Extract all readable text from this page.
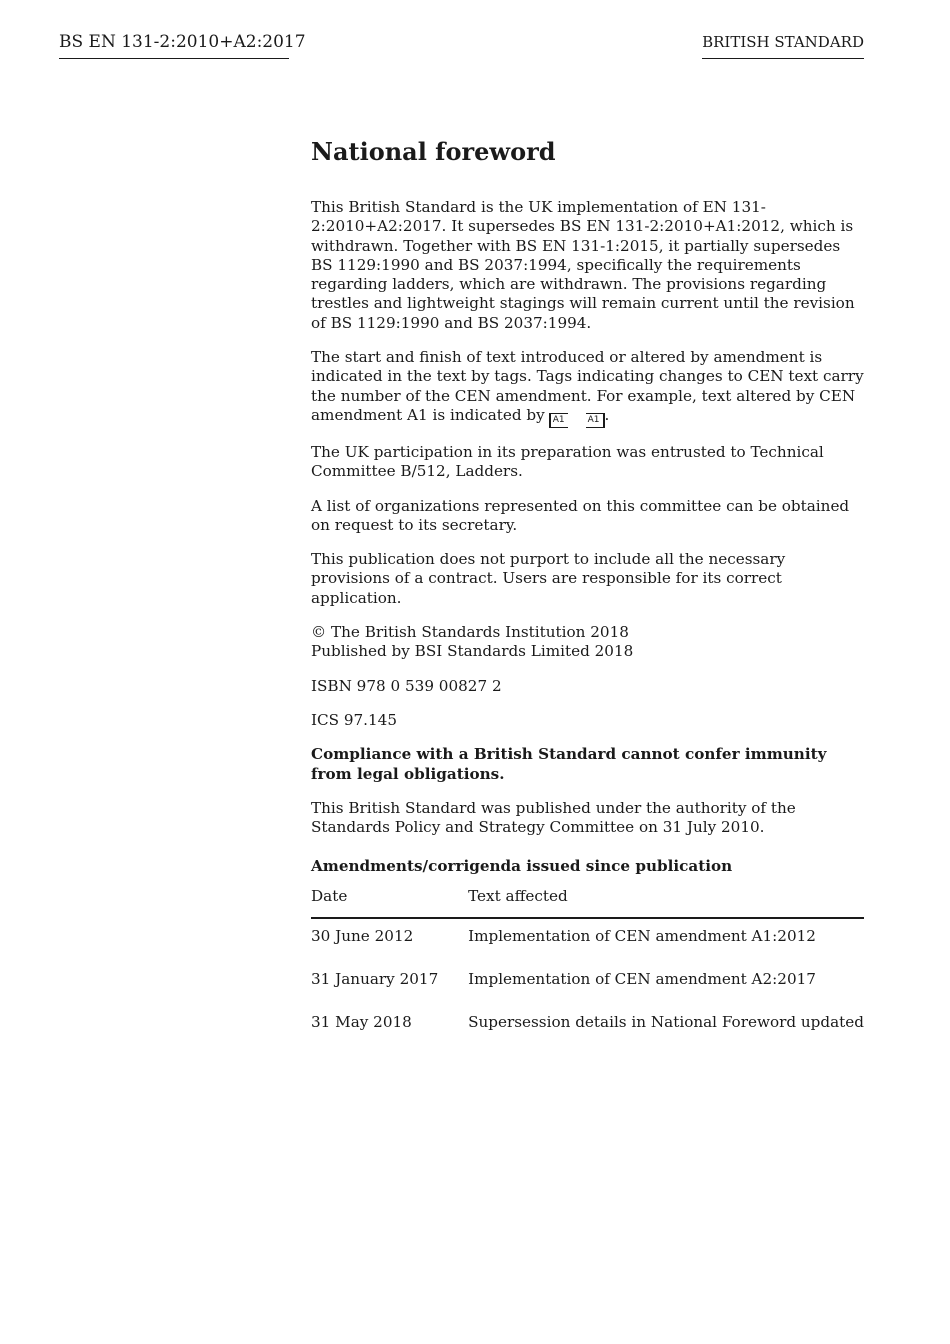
BS EN 131-2:2010+A2:2017	BRITISH STANDARD
National foreword

This British Standard is the UK implementation of EN 131-2:2010+A2:2017. It supersedes BS EN 131-2:2010+A1:2012, which is withdrawn. Together with BS EN 131-1:2015, it partially supersedes BS 1129:1990 and BS 2037:1994, specifically the requirements regarding ladders, which are withdrawn. The provisions regarding trestles and lightweight stagings will remain current until the revision of BS 1129:1990 and BS 2037:1994.

The start and finish of text introduced or altered by amendment is indicated in the text by tags. Tags indicating changes to CEN text carry the number of the CEN amendment. For example, text altered by CEN amendment A1 is indicated by A1	A1 .

The UK participation in its preparation was entrusted to Technical Committee B/512, Ladders.

A list of organizations represented on this committee can be obtained on request to its secretary.

This publication does not purport to include all the necessary provisions of a contract. Users are responsible for its correct application.

© The British Standards Institution 2018
Published by BSI Standards Limited 2018

ISBN 978 0 539 00827 2

ICS 97.145

Compliance with a British Standard cannot confer immunity from legal obligations.

This British Standard was published under the authority of the Standards Policy and Strategy Committee on 31 July 2010.

Amendments/corrigenda issued since publication
Date	Text affected
30 June 2012	Implementation of CEN amendment A1:2012
31 January 2017	Implementation of CEN amendment A2:2017
31 May 2018	Supersession details in National Foreword updated
